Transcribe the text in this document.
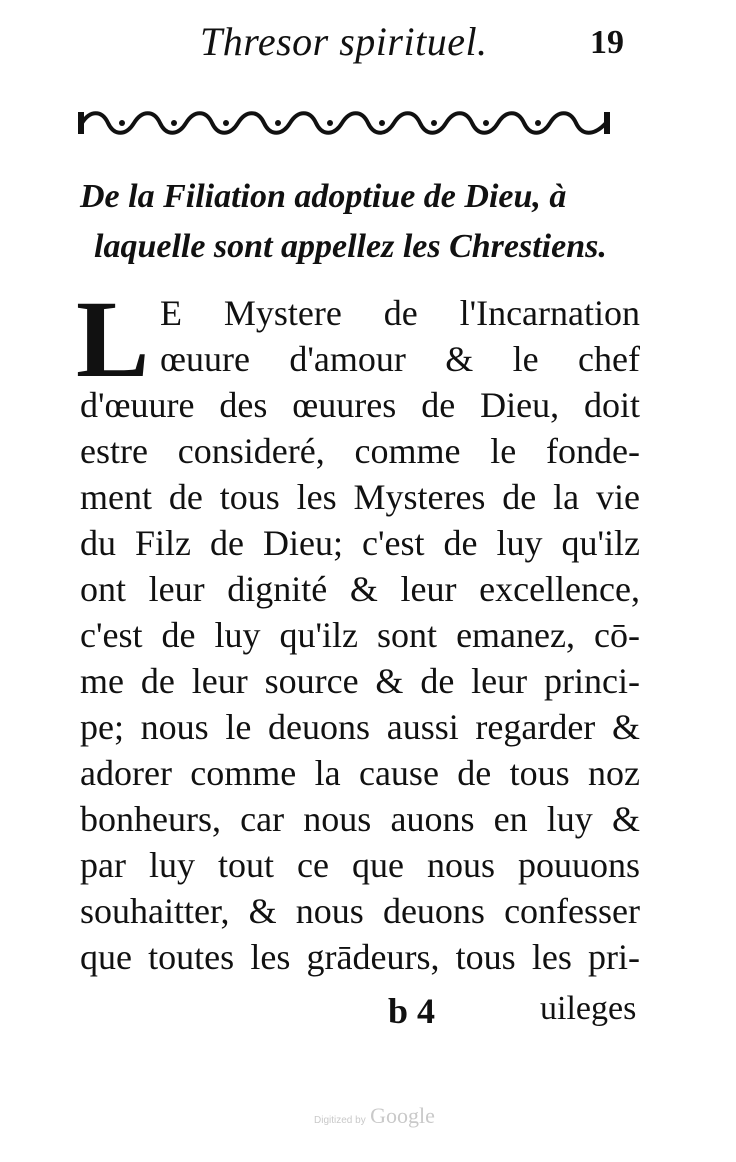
Thresor spirituel.	19
De la Filiation adoptiue de Dieu, à
laquelle sont appellez les Chrestiens.
L E Mystere de l'Incarnation
œuure d'amour & le chef
d'œuure des œuures de Dieu, doit
estre consideré, comme le fonde-
ment de tous les Mysteres de la vie
du Filz de Dieu; c'est de luy qu'ilz
ont leur dignité & leur excellence,
c'est de luy qu'ilz sont emanez, cō-
me de leur source & de leur princi-
pe; nous le deuons aussi regarder &
adorer comme la cause de tous noz
bonheurs, car nous auons en luy &
par luy tout ce que nous pouuons
souhaitter, & nous deuons confesser
que toutes les grādeurs, tous les pri-
b 4	uileges
Digitized by Google
